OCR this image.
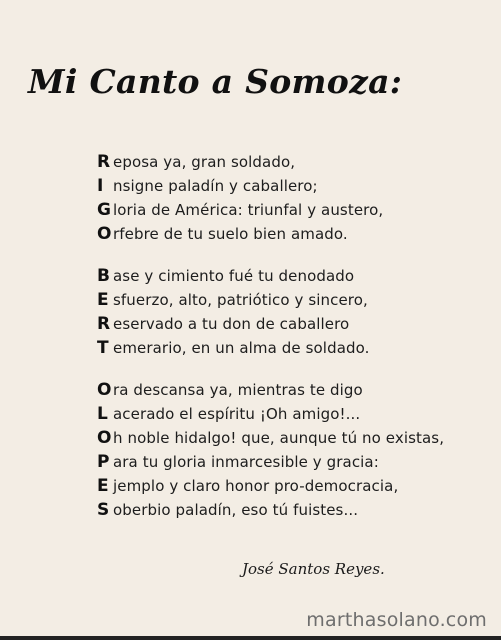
Mi Canto a Somoza:
R eposa ya, gran soldado,
I nsigne paladín y caballero;
G loria de América: triunfal y austero,
O rfebre de tu suelo bien amado.
B ase y cimiento fué tu denodado
E sfuerzo, alto, patriótico y sincero,
R eservado a tu don de caballero
T emerario, en un alma de soldado.
O ra descansa ya, mientras te digo
L acerado el espíritu ¡Oh amigo!...
O h noble hidalgo! que, aunque tú no existas,
P ara tu gloria inmarcesible y gracia:
E jemplo y claro honor pro-democracia,
S oberbio paladín, eso tú fuistes...
José Santos Reyes.
marthasolano.com
